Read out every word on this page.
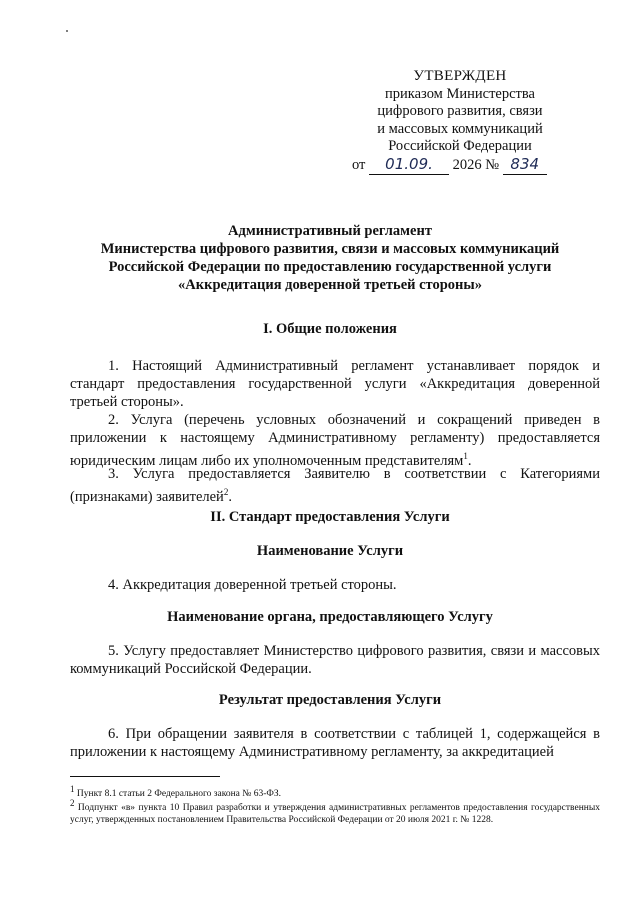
УТВЕРЖДЕН
приказом Министерства
цифрового развития, связи
и массовых коммуникаций
Российской Федерации
от 01.09. 2026 № 834
Административный регламент
Министерства цифрового развития, связи и массовых коммуникаций
Российской Федерации по предоставлению государственной услуги
«Аккредитация доверенной третьей стороны»
I. Общие положения
1. Настоящий Административный регламент устанавливает порядок и стандарт предоставления государственной услуги «Аккредитация доверенной третьей стороны».
2. Услуга (перечень условных обозначений и сокращений приведен в приложении к настоящему Административному регламенту) предоставляется юридическим лицам либо их уполномоченным представителям$^1$.
3. Услуга предоставляется Заявителю в соответствии с Категориями (признаками) заявителей$^2$.
II. Стандарт предоставления Услуги
Наименование Услуги
4. Аккредитация доверенной третьей стороны.
Наименование органа, предоставляющего Услугу
5. Услугу предоставляет Министерство цифрового развития, связи и массовых коммуникаций Российской Федерации.
Результат предоставления Услуги
6. При обращении заявителя в соответствии с таблицей 1, содержащейся в приложении к настоящему Административному регламенту, за аккредитацией
$^1$ Пункт 8.1 статьи 2 Федерального закона № 63-ФЗ.
$^2$ Подпункт «в» пункта 10 Правил разработки и утверждения административных регламентов предоставления государственных услуг, утвержденных постановлением Правительства Российской Федерации от 20 июля 2021 г. № 1228.
